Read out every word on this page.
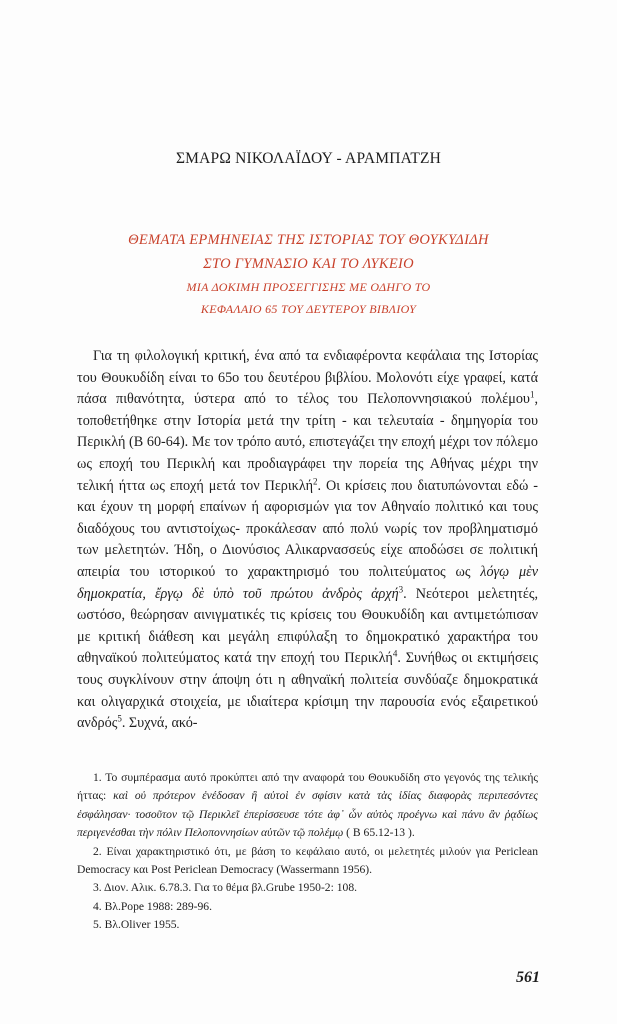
ΣΜΑΡΩ ΝΙΚΟΛΑΪΔΟΥ - ΑΡΑΜΠΑΤΖΗ
ΘΕΜΑΤΑ ΕΡΜΗΝΕΙΑΣ ΤΗΣ ΙΣΤΟΡΙΑΣ ΤΟΥ ΘΟΥΚΥΔΙΔΗ
ΣΤΟ ΓΥΜΝΑΣΙΟ ΚΑΙ ΤΟ ΛΥΚΕΙΟ
ΜΙΑ ΔΟΚΙΜΗ ΠΡΟΣΕΓΓΙΣΗΣ ΜΕ ΟΔΗΓΟ ΤΟ
ΚΕΦΑΛΑΙΟ 65 ΤΟΥ ΔΕΥΤΕΡΟΥ ΒΙΒΛΙΟΥ

Για τη φιλολογική κριτική, ένα από τα ενδιαφέροντα κεφάλαια της Ιστορίας του Θουκυδίδη είναι το 65ο του δευτέρου βιβλίου. Μολονότι είχε γραφεί, κατά πάσα πιθανότητα, ύστερα από το τέλος του Πελοποννησιακού πολέμου$^1$, τοποθετήθηκε στην Ιστορία μετά την τρίτη - και τελευταία - δημηγορία του Περικλή (Β 60-64). Με τον τρόπο αυτό, επιστεγάζει την εποχή μέχρι τον πόλεμο ως εποχή του Περικλή και προδιαγράφει την πορεία της Αθήνας μέχρι την τελική ήττα ως εποχή μετά τον Περικλή$^2$. Οι κρίσεις που διατυπώνονται εδώ - και έχουν τη μορφή επαίνων ή αφορισμών για τον Αθηναίο πολιτικό και τους διαδόχους του αντιστοίχως- προκάλεσαν από πολύ νωρίς τον προβληματισμό των μελετητών. Ήδη, ο Διονύσιος Αλικαρνασσεύς είχε αποδώσει σε πολιτική απειρία του ιστορικού το χαρακτηρισμό του πολιτεύματος ως λόγῳ μὲν δημοκρατία, ἔργῳ δὲ ὑπὸ τοῦ πρώτου ἀνδρὸς ἀρχή$^3$. Νεότεροι μελετητές, ωστόσο, θεώρησαν αινιγματικές τις κρίσεις του Θουκυδίδη και αντιμετώπισαν με κριτική διάθεση και μεγάλη επιφύλαξη το δημοκρατικό χαρακτήρα του αθηναϊκού πολιτεύματος κατά την εποχή του Περικλή$^4$. Συνήθως οι εκτιμήσεις τους συγκλίνουν στην άποψη ότι η αθηναϊκή πολιτεία συνδύαζε δημοκρατικά και ολιγαρχικά στοιχεία, με ιδιαίτερα κρίσιμη την παρουσία ενός εξαιρετικού ανδρός$^5$. Συχνά, ακό-

1. Το συμπέρασμα αυτό προκύπτει από την αναφορά του Θουκυδίδη στο γεγονός της τελικής ήττας: καὶ οὐ πρότερον ἐνέδοσαν ἢ αὐτοὶ ἐν σφίσιν κατὰ τὰς ἰδίας διαφορὰς περιπεσόντες ἐσφάλησαν· τοσοῦτον τῷ Περικλεῖ ἐπερίσσευσε τότε ἀφ᾽ ὧν αὐτὸς προέγνω καὶ πάνυ ἂν ῥᾳδίως περιγενέσθαι τὴν πόλιν Πελοποννησίων αὐτῶν τῷ πολέμῳ ( Β 65.12-13 ).

2. Είναι χαρακτηριστικό ότι, με βάση το κεφάλαιο αυτό, οι μελετητές μιλούν για Periclean Democracy και Post Periclean Democracy (Wassermann 1956).

3. Διον. Αλικ. 6.78.3. Για το θέμα βλ.Grube 1950-2: 108.

4. Βλ.Pope 1988: 289-96.

5. Βλ.Oliver 1955.

561
